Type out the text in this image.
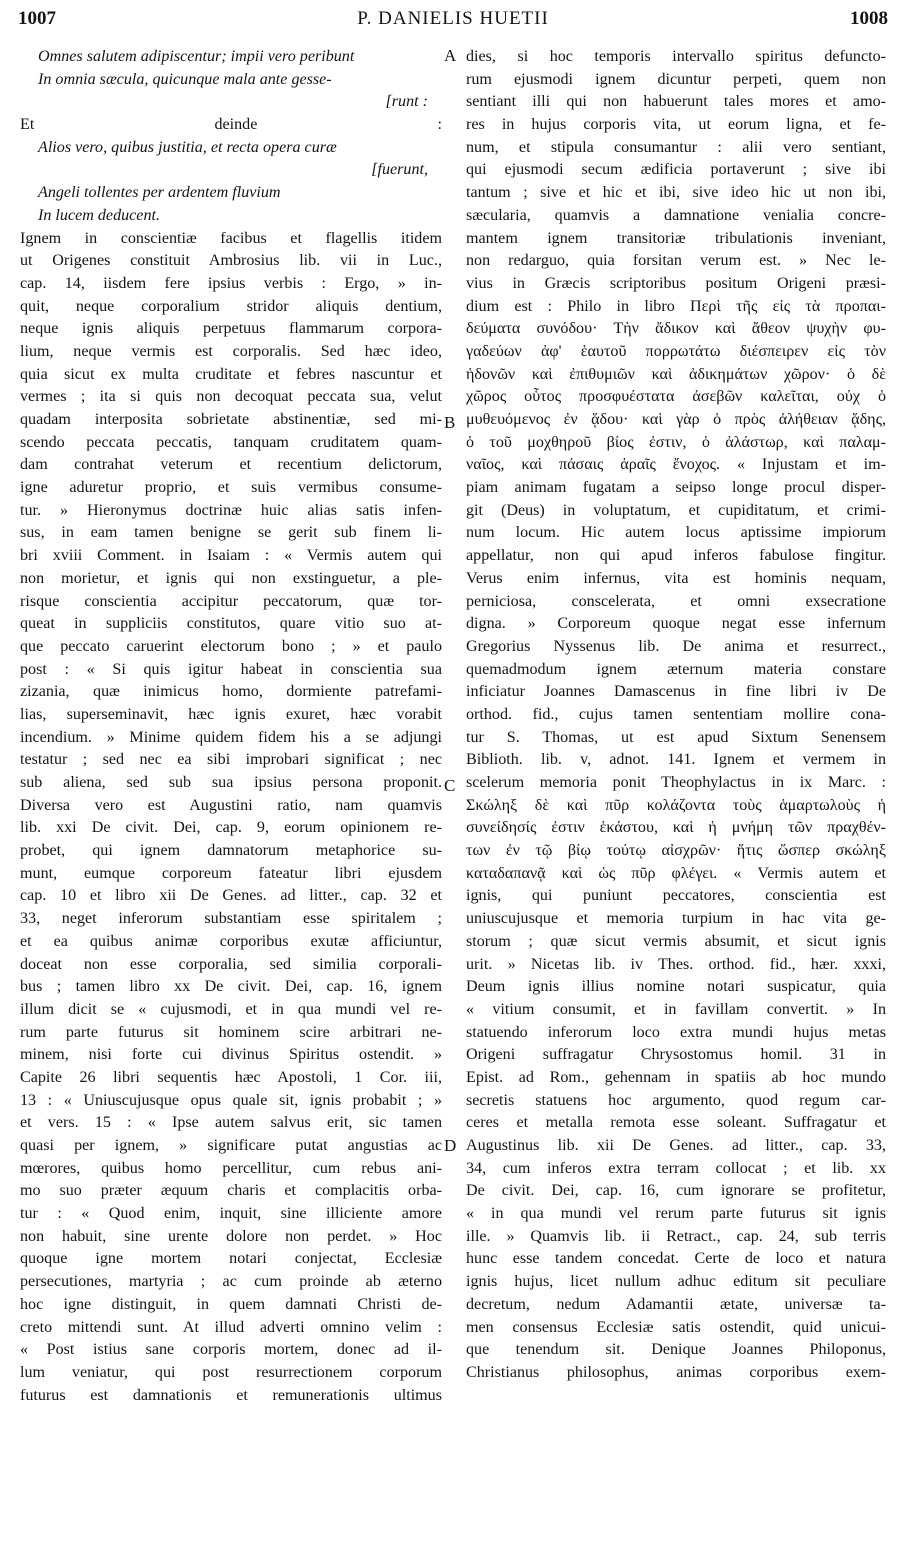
1007	P. DANIELIS HUETII	1008
Omnes salutem adipiscentur; impii vero peribunt
In omnia sæcula, quicunque mala ante gesse-
[runt :
Et deinde :
Alios vero, quibus justitia, et recta opera curæ
[fuerunt,
Angeli tollentes per ardentem fluvium
In lucem deducent.
Ignem in conscientiæ facibus et flagellis itidem
ut Origenes constituit Ambrosius lib. vii in Luc.,
cap. 14, iisdem fere ipsius verbis : Ergo, » in-
quit, neque corporalium stridor aliquis dentium,
neque ignis aliquis perpetuus flammarum corpora-
lium, neque vermis est corporalis. Sed hæc ideo,
quia sicut ex multa cruditate et febres nascuntur et
vermes ; ita si quis non decoquat peccata sua, velut
quadam interposita sobrietate abstinentiæ, sed mi-
scendo peccata peccatis, tanquam cruditatem quam-
dam contrahat veterum et recentium delictorum,
igne aduretur proprio, et suis vermibus consume-
tur. » Hieronymus doctrinæ huic alias satis infen-
sus, in eam tamen benigne se gerit sub finem li-
bri xviii Comment. in Isaiam : « Vermis autem qui
non morietur, et ignis qui non exstinguetur, a ple-
risque conscientia accipitur peccatorum, quæ tor-
queat in suppliciis constitutos, quare vitio suo at-
que peccato caruerint electorum bono ; » et paulo
post : « Si quis igitur habeat in conscientia sua
zizania, quæ inimicus homo, dormiente patrefami-
lias, superseminavit, hæc ignis exuret, hæc vorabit
incendium. » Minime quidem fidem his a se adjungi
testatur ; sed nec ea sibi improbari significat ; nec
sub aliena, sed sub sua ipsius persona proponit.
Diversa vero est Augustini ratio, nam quamvis
lib. xxi De civit. Dei, cap. 9, eorum opinionem re-
probet, qui ignem damnatorum metaphorice su-
munt, eumque corporeum fateatur libri ejusdem
cap. 10 et libro xii De Genes. ad litter., cap. 32 et
33, neget inferorum substantiam esse spiritalem ;
et ea quibus animæ corporibus exutæ afficiuntur,
doceat non esse corporalia, sed similia corporali-
bus ; tamen libro xx De civit. Dei, cap. 16, ignem
illum dicit se « cujusmodi, et in qua mundi vel re-
rum parte futurus sit hominem scire arbitrari ne-
minem, nisi forte cui divinus Spiritus ostendit. »
Capite 26 libri sequentis hæc Apostoli, 1 Cor. iii,
13 : « Uniuscujusque opus quale sit, ignis probabit ; »
et vers. 15 : « Ipse autem salvus erit, sic tamen
quasi per ignem, » significare putat angustias ac
mœrores, quibus homo percellitur, cum rebus ani-
mo suo præter æquum charis et complacitis orba-
tur : « Quod enim, inquit, sine illiciente amore
non habuit, sine urente dolore non perdet. » Hoc
quoque igne mortem notari conjectat, Ecclesiæ
persecutiones, martyria ; ac cum proinde ab æterno
hoc igne distinguit, in quem damnati Christi de-
creto mittendi sunt. At illud adverti omnino velim :
« Post istius sane corporis mortem, donec ad il-
lum veniatur, qui post resurrectionem corporum
futurus est damnationis et remunerationis ultimus
dies, si hoc temporis intervallo spiritus defuncto-
rum ejusmodi ignem dicuntur perpeti, quem non
sentiant illi qui non habuerunt tales mores et amo-
res in hujus corporis vita, ut eorum ligna, et fe-
num, et stipula consumantur : alii vero sentiant,
qui ejusmodi secum ædificia portaverunt ; sive ibi
tantum ; sive et hic et ibi, sive ideo hic ut non ibi,
sæcularia, quamvis a damnatione venialia concre-
mantem ignem transitoriæ tribulationis inveniant,
non redarguo, quia forsitan verum est. » Nec le-
vius in Græcis scriptoribus positum Origeni præsi-
dium est : Philo in libro Περὶ τῆς εἰς τὰ προπαι-
δεύματα συνόδου· Τὴν ἄδικον καὶ ἄθεον ψυχὴν φυ-
γαδεύων ἀφ' ἑαυτοῦ πορρωτάτω διέσπειρεν εἰς τὸν
ἡδονῶν καὶ ἐπιθυμιῶν καὶ ἀδικημάτων χῶρον· ὁ δὲ
χῶρος οὗτος προσφυέστατα ἀσεβῶν καλεῖται, οὐχ ὁ
μυθευόμενος ἐν ᾅδου· καὶ γὰρ ὁ πρὸς ἀλήθειαν ᾅδης,
ὁ τοῦ μοχθηροῦ βίος ἐστιν, ὁ ἀλάστωρ, καὶ παλαμ-
ναῖος, καὶ πάσαις ἀραῖς ἔνοχος. « Injustam et im-
piam animam fugatam a seipso longe procul disper-
git (Deus) in voluptatum, et cupiditatum, et crimi-
num locum. Hic autem locus aptissime impiorum
appellatur, non qui apud inferos fabulose fingitur.
Verus enim infernus, vita est hominis nequam,
perniciosa, conscelerata, et omni exsecratione
digna. » Corporeum quoque negat esse infernum
Gregorius Nyssenus lib. De anima et resurrect.,
quemadmodum ignem æternum materia constare
inficiatur Joannes Damascenus in fine libri iv De
orthod. fid., cujus tamen sententiam mollire cona-
tur S. Thomas, ut est apud Sixtum Senensem
Biblioth. lib. v, adnot. 141. Ignem et vermem in
scelerum memoria ponit Theophylactus in ix Marc. :
Σκώληξ δὲ καὶ πῦρ κολάζοντα τοὺς ἁμαρτωλοὺς ἡ
συνείδησίς ἐστιν ἑκάστου, καὶ ἡ μνήμη τῶν πραχθέν-
των ἐν τῷ βίῳ τούτῳ αἰσχρῶν· ἥτις ὥσπερ σκώληξ
καταδαπανᾷ καὶ ὡς πῦρ φλέγει. « Vermis autem et
ignis, qui puniunt peccatores, conscientia est
uniuscujusque et memoria turpium in hac vita ge-
storum ; quæ sicut vermis absumit, et sicut ignis
urit. » Nicetas lib. iv Thes. orthod. fid., hær. xxxi,
Deum ignis illius nomine notari suspicatur, quia
« vitium consumit, et in favillam convertit. » In
statuendo inferorum loco extra mundi hujus metas
Origeni suffragatur Chrysostomus homil. 31 in
Epist. ad Rom., gehennam in spatiis ab hoc mundo
secretis statuens hoc argumento, quod regum car-
ceres et metalla remota esse soleant. Suffragatur et
Augustinus lib. xii De Genes. ad litter., cap. 33,
34, cum inferos extra terram collocat ; et lib. xx
De civit. Dei, cap. 16, cum ignorare se profitetur,
« in qua mundi vel rerum parte futurus sit ignis
ille. » Quamvis lib. ii Retract., cap. 24, sub terris
hunc esse tandem concedat. Certe de loco et natura
ignis hujus, licet nullum adhuc editum sit peculiare
decretum, nedum Adamantii ætate, universæ ta-
men consensus Ecclesiæ satis ostendit, quid unicui-
que tenendum sit. Denique Joannes Philoponus,
Christianus philosophus, animas corporibus exem-
A
B
C
D
